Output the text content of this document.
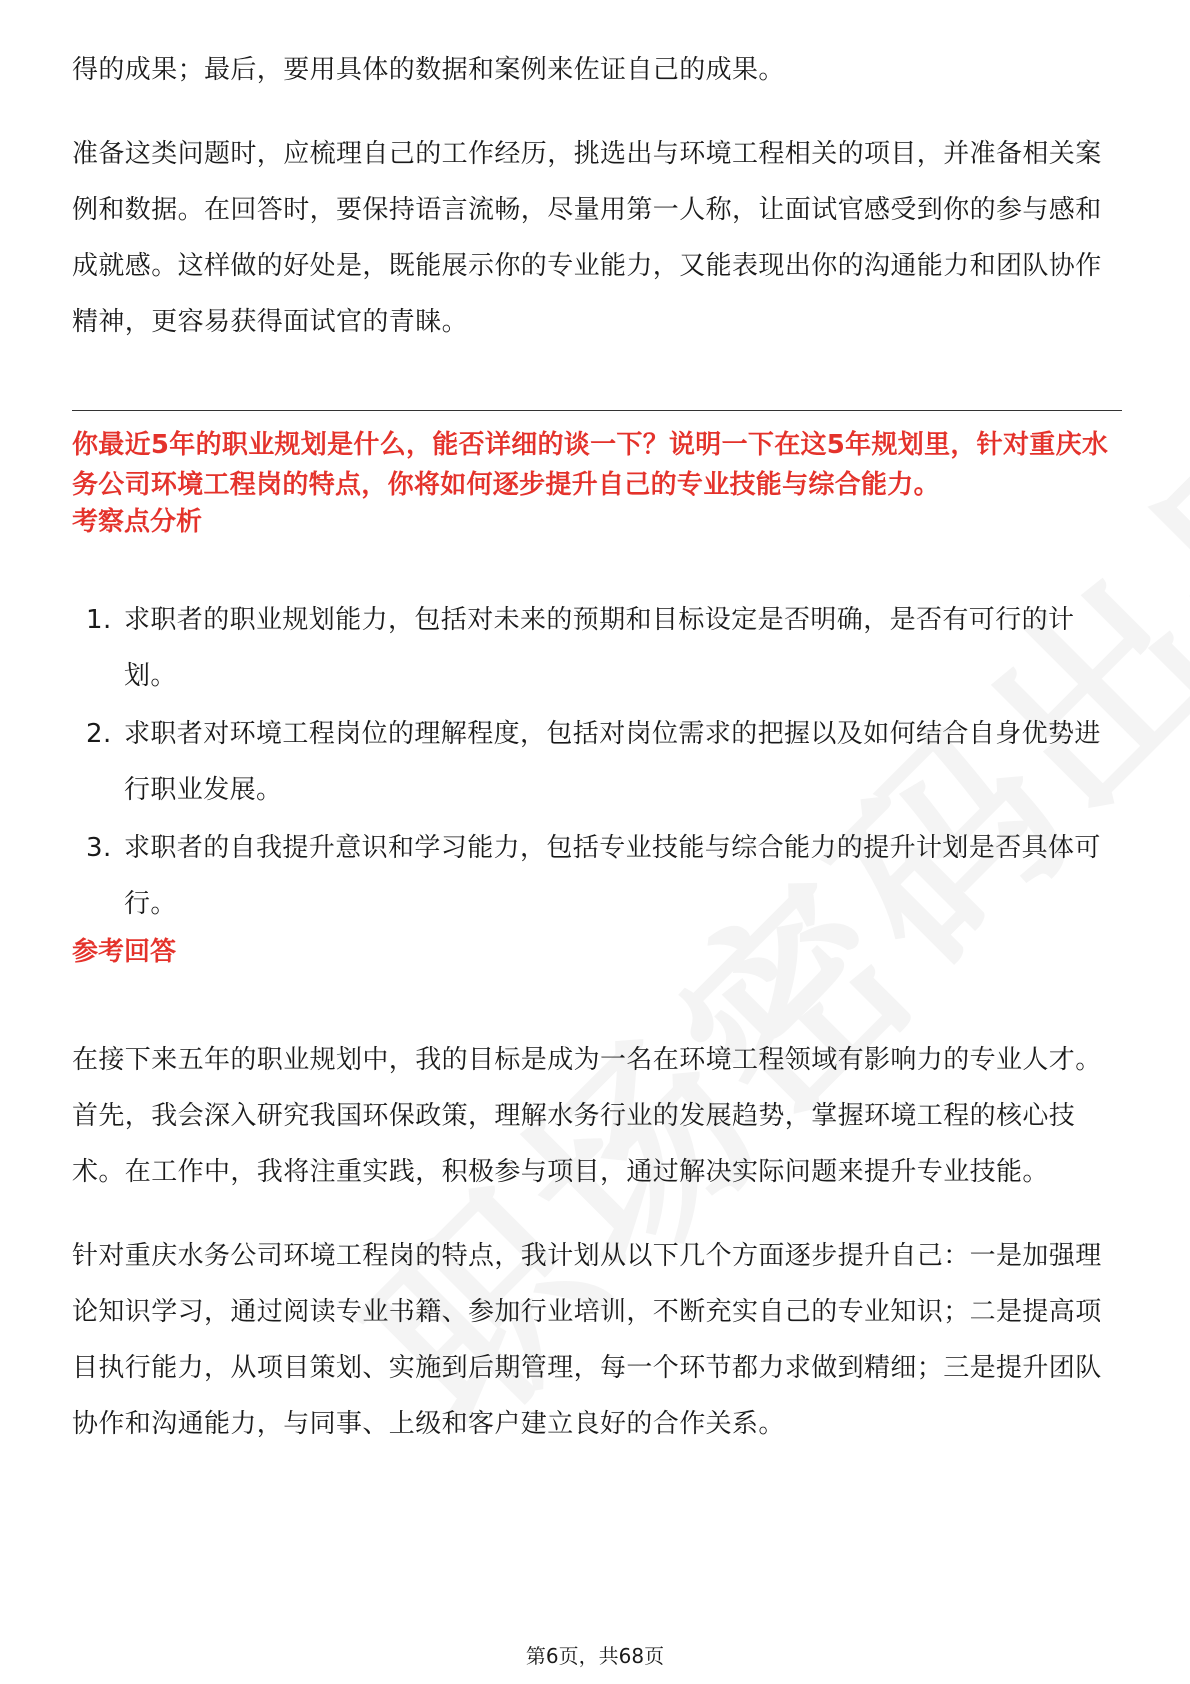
得的成果；最后，要用具体的数据和案例来佐证自己的成果。

准备这类问题时，应梳理自己的工作经历，挑选出与环境工程相关的项目，并准备相关案例和数据。在回答时，要保持语言流畅，尽量用第一人称，让面试官感受到你的参与感和成就感。这样做的好处是，既能展示你的专业能力，又能表现出你的沟通能力和团队协作精神，更容易获得面试官的青睐。

你最近5年的职业规划是什么，能否详细的谈一下？说明一下在这5年规划里，针对重庆水务公司环境工程岗的特点，你将如何逐步提升自己的专业技能与综合能力。

考察点分析

1. 求职者的职业规划能力，包括对未来的预期和目标设定是否明确，是否有可行的计划。
2. 求职者对环境工程岗位的理解程度，包括对岗位需求的把握以及如何结合自身优势进行职业发展。
3. 求职者的自我提升意识和学习能力，包括专业技能与综合能力的提升计划是否具体可行。

参考回答

在接下来五年的职业规划中，我的目标是成为一名在环境工程领域有影响力的专业人才。首先，我会深入研究我国环保政策，理解水务行业的发展趋势，掌握环境工程的核心技术。在工作中，我将注重实践，积极参与项目，通过解决实际问题来提升专业技能。

针对重庆水务公司环境工程岗的特点，我计划从以下几个方面逐步提升自己：一是加强理论知识学习，通过阅读专业书籍、参加行业培训，不断充实自己的专业知识；二是提高项目执行能力，从项目策划、实施到后期管理，每一个环节都力求做到精细；三是提升团队协作和沟通能力，与同事、上级和客户建立良好的合作关系。

第6页，共68页
